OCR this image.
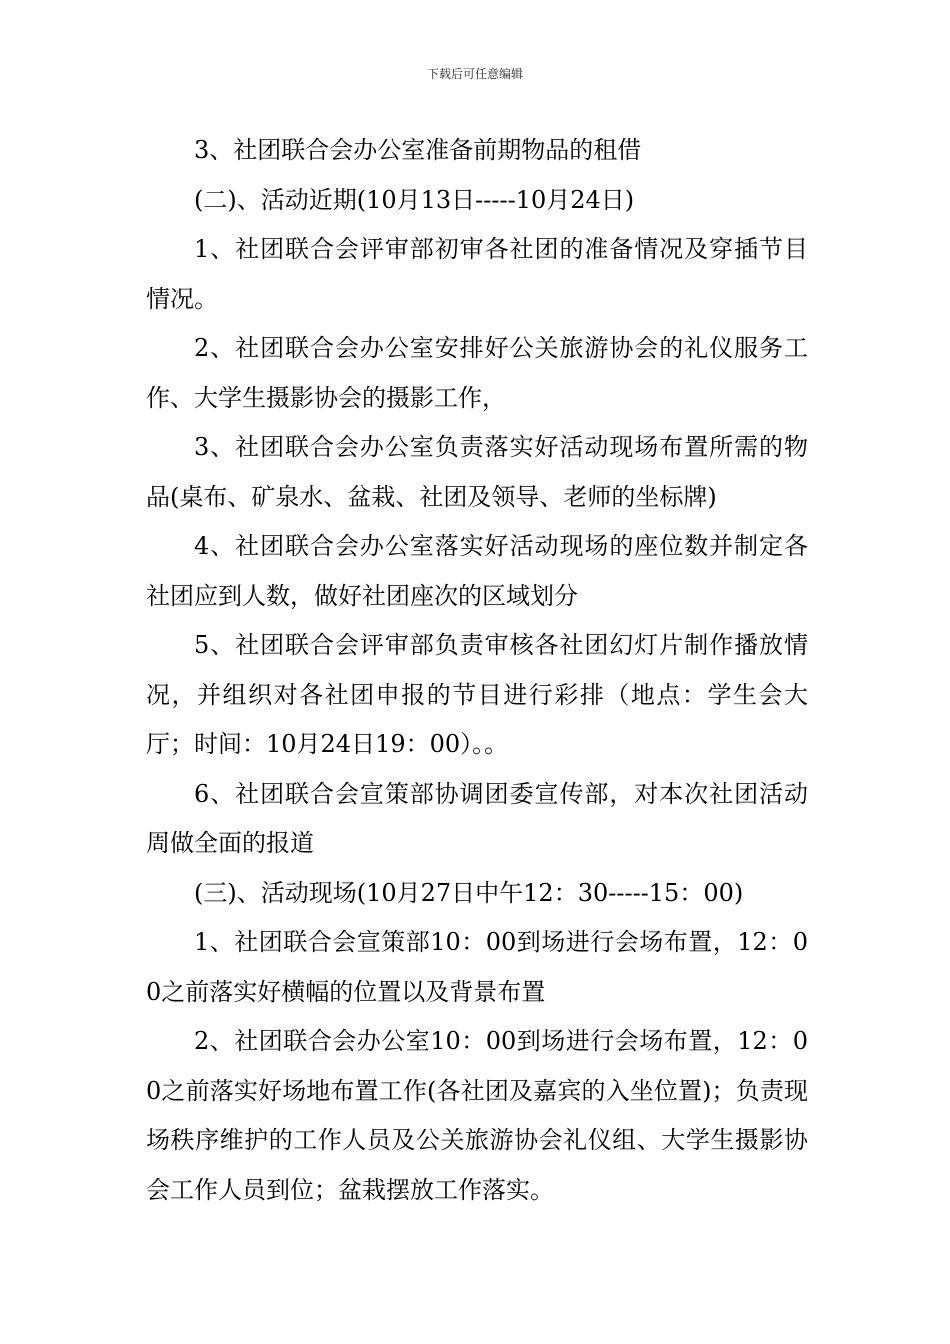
下载后可任意编辑

3、社团联合会办公室准备前期物品的租借

(二)、活动近期(10月13日-----10月24日)

1、社团联合会评审部初审各社团的准备情况及穿插节目情况。

2、社团联合会办公室安排好公关旅游协会的礼仪服务工作、大学生摄影协会的摄影工作，

3、社团联合会办公室负责落实好活动现场布置所需的物品(桌布、矿泉水、盆栽、社团及领导、老师的坐标牌)

4、社团联合会办公室落实好活动现场的座位数并制定各社团应到人数，做好社团座次的区域划分

5、社团联合会评审部负责审核各社团幻灯片制作播放情况，并组织对各社团申报的节目进行彩排（地点：学生会大厅；时间：10月24日19：00）。。

6、社团联合会宣策部协调团委宣传部，对本次社团活动周做全面的报道

(三)、活动现场(10月27日中午12：30-----15：00)

1、社团联合会宣策部10：00到场进行会场布置，12：00之前落实好横幅的位置以及背景布置

2、社团联合会办公室10：00到场进行会场布置，12：00之前落实好场地布置工作(各社团及嘉宾的入坐位置)；负责现场秩序维护的工作人员及公关旅游协会礼仪组、大学生摄影协会工作人员到位；盆栽摆放工作落实。
